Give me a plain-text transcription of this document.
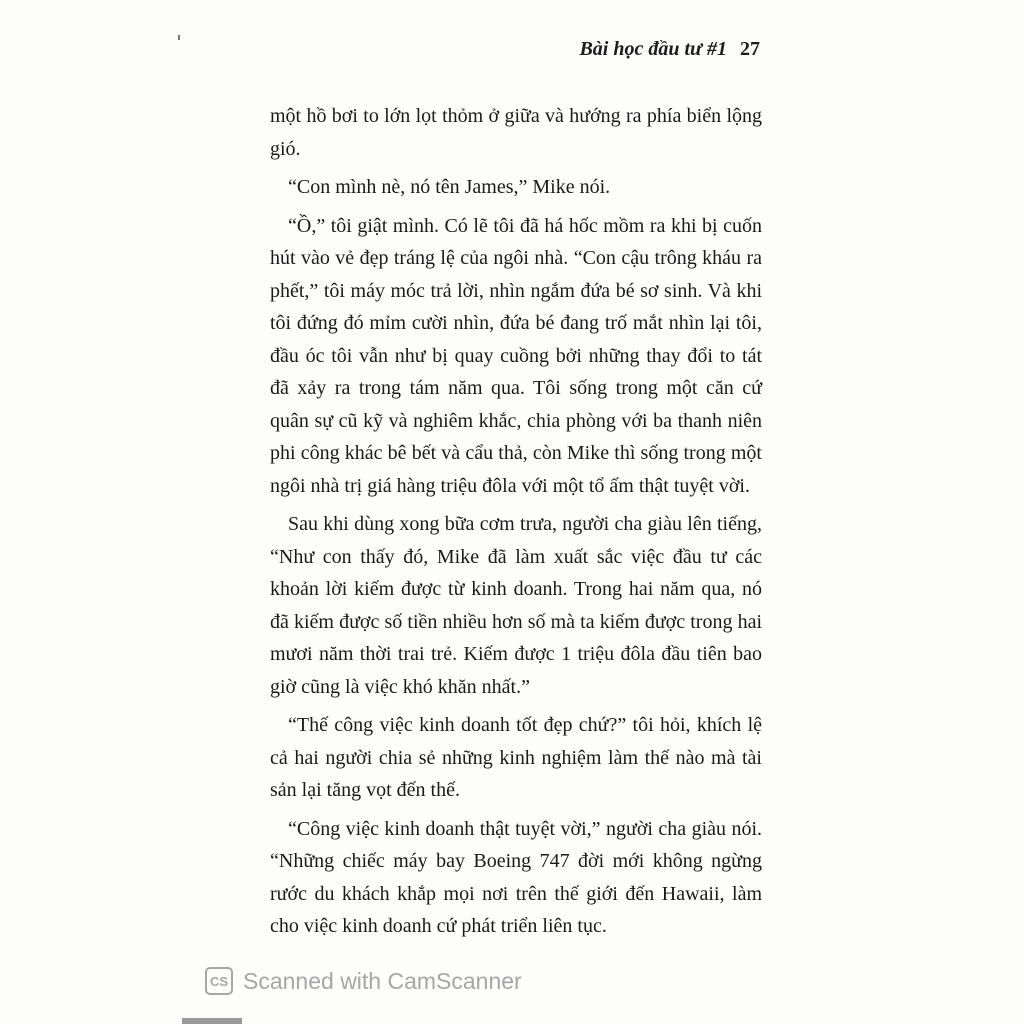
Bài học đầu tư #1 27

một hồ bơi to lớn lọt thỏm ở giữa và hướng ra phía biển lộng gió.

“Con mình nè, nó tên James,” Mike nói.

“Ồ,” tôi giật mình. Có lẽ tôi đã há hốc mồm ra khi bị cuốn hút vào vẻ đẹp tráng lệ của ngôi nhà. “Con cậu trông kháu ra phết,” tôi máy móc trả lời, nhìn ngắm đứa bé sơ sinh. Và khi tôi đứng đó mỉm cười nhìn, đứa bé đang trố mắt nhìn lại tôi, đầu óc tôi vẫn như bị quay cuồng bởi những thay đổi to tát đã xảy ra trong tám năm qua. Tôi sống trong một căn cứ quân sự cũ kỹ và nghiêm khắc, chia phòng với ba thanh niên phi công khác bê bết và cẩu thả, còn Mike thì sống trong một ngôi nhà trị giá hàng triệu đôla với một tổ ấm thật tuyệt vời.

Sau khi dùng xong bữa cơm trưa, người cha giàu lên tiếng, “Như con thấy đó, Mike đã làm xuất sắc việc đầu tư các khoản lời kiếm được từ kinh doanh. Trong hai năm qua, nó đã kiếm được số tiền nhiều hơn số mà ta kiếm được trong hai mươi năm thời trai trẻ. Kiếm được 1 triệu đôla đầu tiên bao giờ cũng là việc khó khăn nhất.”

“Thế công việc kinh doanh tốt đẹp chứ?” tôi hỏi, khích lệ cả hai người chia sẻ những kinh nghiệm làm thế nào mà tài sản lại tăng vọt đến thế.

“Công việc kinh doanh thật tuyệt vời,” người cha giàu nói. “Những chiếc máy bay Boeing 747 đời mới không ngừng rước du khách khắp mọi nơi trên thế giới đến Hawaii, làm cho việc kinh doanh cứ phát triển liên tục.

CS Scanned with CamScanner
